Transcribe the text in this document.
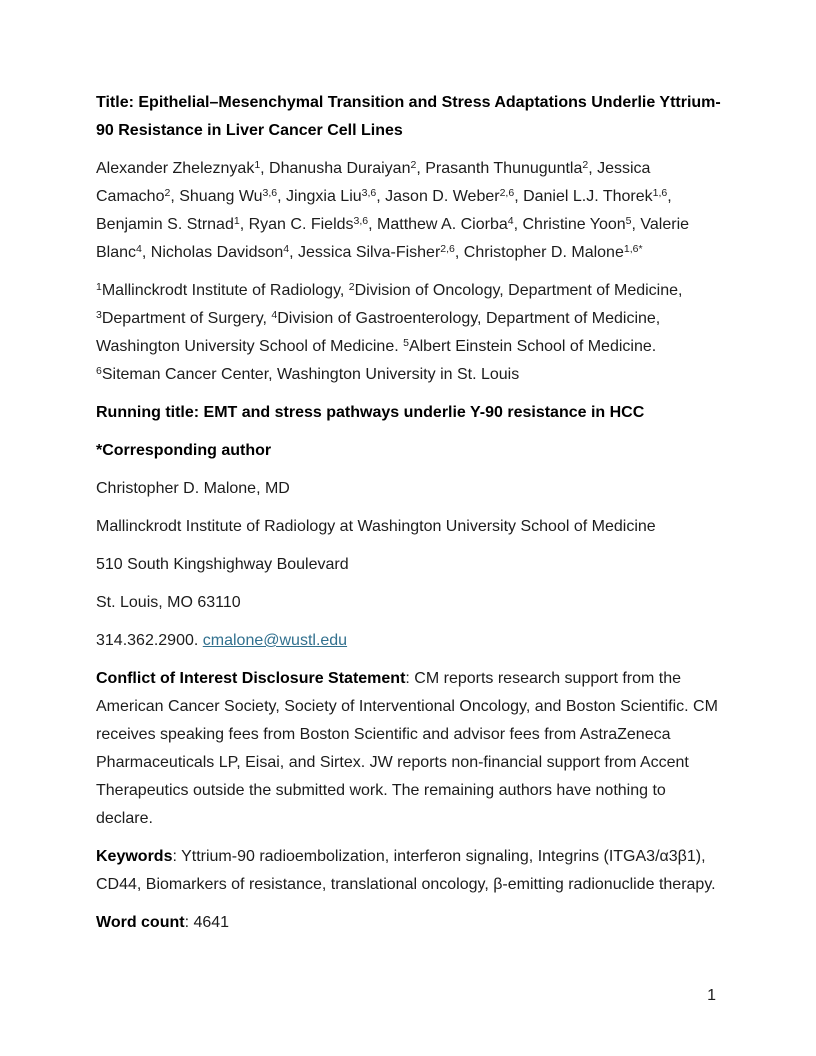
Title: Epithelial–Mesenchymal Transition and Stress Adaptations Underlie Yttrium-90 Resistance in Liver Cancer Cell Lines

Alexander Zheleznyak$^1$, Dhanusha Duraiyan$^2$, Prasanth Thunuguntla$^2$, Jessica Camacho$^2$, Shuang Wu$^{3,6}$, Jingxia Liu$^{3,6}$, Jason D. Weber$^{2,6}$, Daniel L.J. Thorek$^{1,6}$, Benjamin S. Strnad$^1$, Ryan C. Fields$^{3,6}$, Matthew A. Ciorba$^4$, Christine Yoon$^5$, Valerie Blanc$^4$, Nicholas Davidson$^4$, Jessica Silva-Fisher$^{2,6}$, Christopher D. Malone$^{1,6*}$

$^1$Mallinckrodt Institute of Radiology, $^2$Division of Oncology, Department of Medicine, $^3$Department of Surgery, $^4$Division of Gastroenterology, Department of Medicine, Washington University School of Medicine. $^5$Albert Einstein School of Medicine. $^6$Siteman Cancer Center, Washington University in St. Louis

Running title: EMT and stress pathways underlie Y-90 resistance in HCC

*Corresponding author

Christopher D. Malone, MD

Mallinckrodt Institute of Radiology at Washington University School of Medicine

510 South Kingshighway Boulevard

St. Louis, MO 63110

314.362.2900. cmalone@wustl.edu

Conflict of Interest Disclosure Statement: CM reports research support from the American Cancer Society, Society of Interventional Oncology, and Boston Scientific. CM receives speaking fees from Boston Scientific and advisor fees from AstraZeneca Pharmaceuticals LP, Eisai, and Sirtex. JW reports non-financial support from Accent Therapeutics outside the submitted work. The remaining authors have nothing to declare.

Keywords: Yttrium-90 radioembolization, interferon signaling, Integrins (ITGA3/α3β1), CD44, Biomarkers of resistance, translational oncology, β-emitting radionuclide therapy.

Word count: 4641

1
